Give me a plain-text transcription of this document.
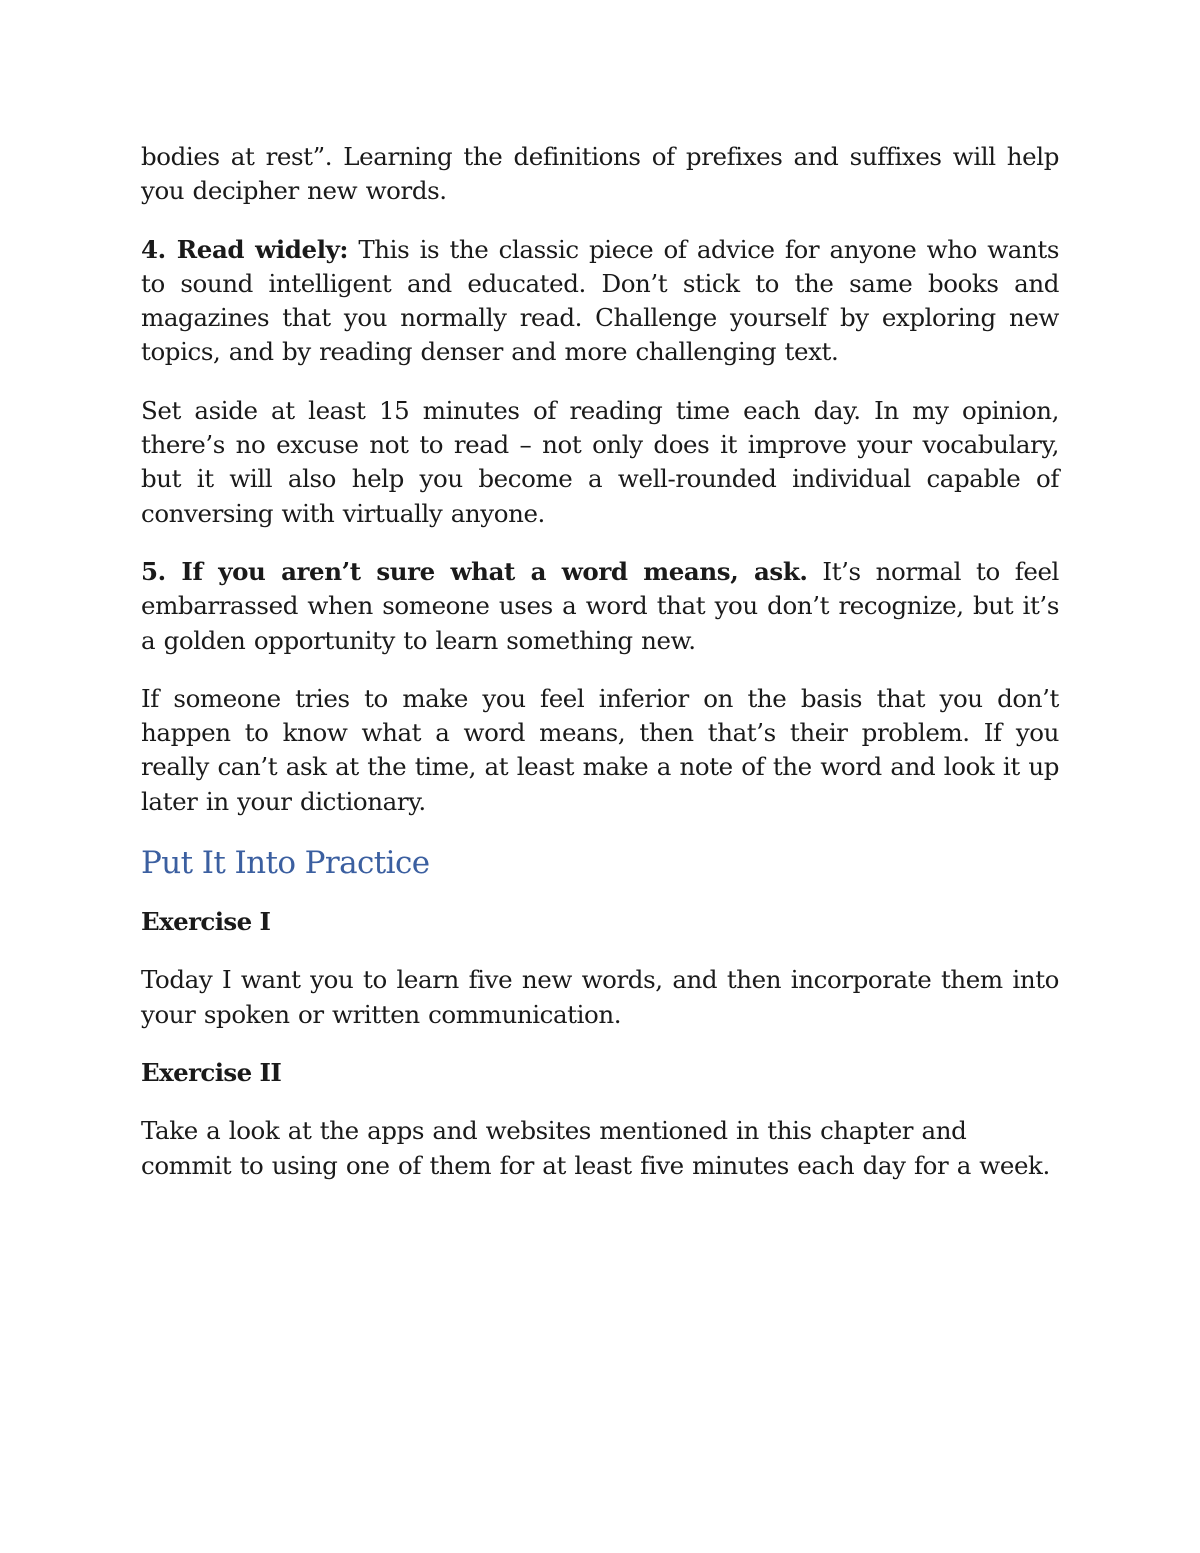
bodies at rest”. Learning the definitions of prefixes and suffixes will help you decipher new words.

4. Read widely: This is the classic piece of advice for anyone who wants to sound intelligent and educated. Don’t stick to the same books and magazines that you normally read. Challenge yourself by exploring new topics, and by reading denser and more challenging text.

Set aside at least 15 minutes of reading time each day. In my opinion, there’s no excuse not to read – not only does it improve your vocabulary, but it will also help you become a well-rounded individual capable of conversing with virtually anyone.

5. If you aren’t sure what a word means, ask. It’s normal to feel embarrassed when someone uses a word that you don’t recognize, but it’s a golden opportunity to learn something new.

If someone tries to make you feel inferior on the basis that you don’t happen to know what a word means, then that’s their problem. If you really can’t ask at the time, at least make a note of the word and look it up later in your dictionary.

Put It Into Practice

Exercise I

Today I want you to learn five new words, and then incorporate them into your spoken or written communication.

Exercise II

Take a look at the apps and websites mentioned in this chapter and commit to using one of them for at least five minutes each day for a week.
